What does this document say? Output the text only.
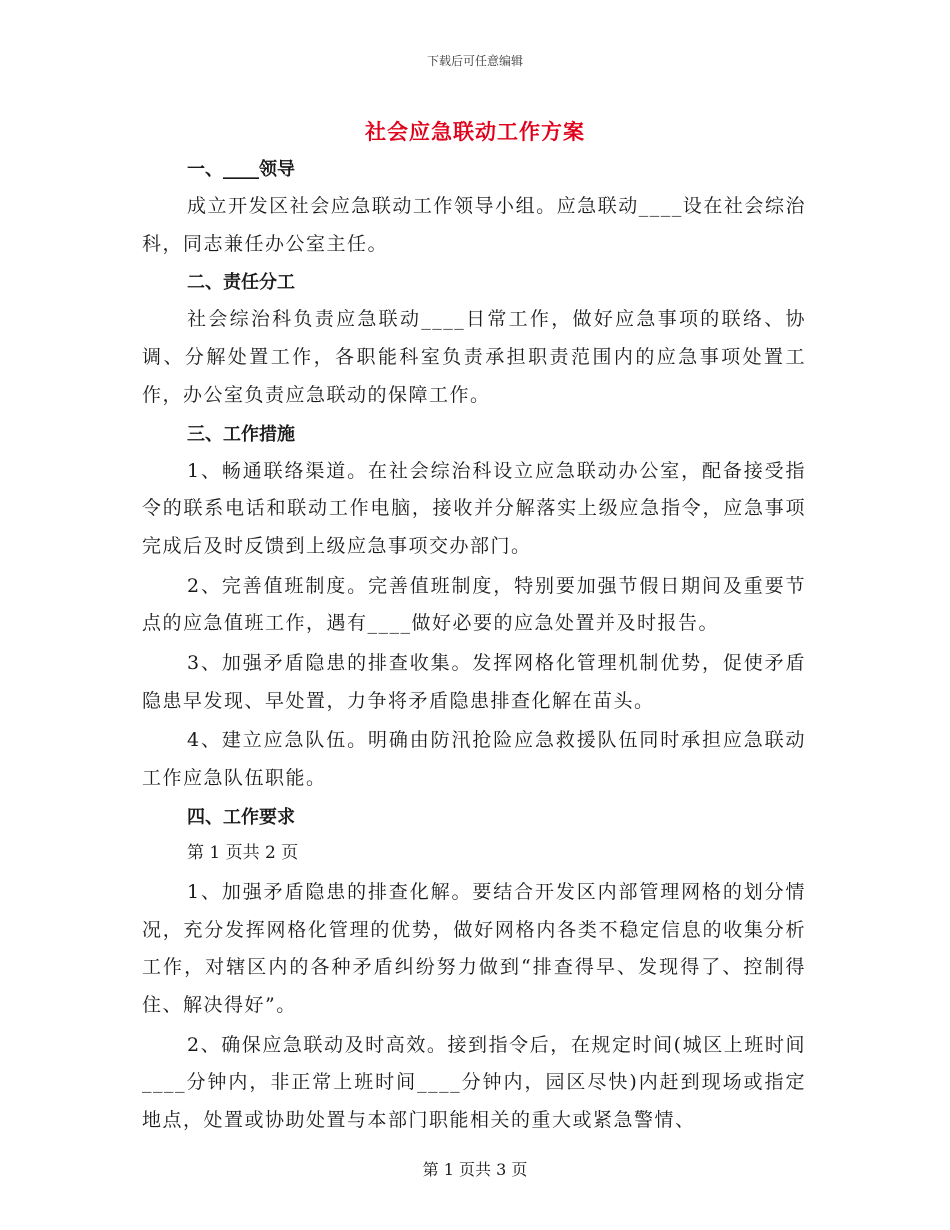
下载后可任意编辑
社会应急联动工作方案
一、____领导

成立开发区社会应急联动工作领导小组。应急联动____设在社会综治科，同志兼任办公室主任。

二、责任分工

社会综治科负责应急联动____日常工作，做好应急事项的联络、协调、分解处置工作，各职能科室负责承担职责范围内的应急事项处置工作，办公室负责应急联动的保障工作。

三、工作措施

1、畅通联络渠道。在社会综治科设立应急联动办公室，配备接受指令的联系电话和联动工作电脑，接收并分解落实上级应急指令，应急事项完成后及时反馈到上级应急事项交办部门。

2、完善值班制度。完善值班制度，特别要加强节假日期间及重要节点的应急值班工作，遇有____做好必要的应急处置并及时报告。

3、加强矛盾隐患的排查收集。发挥网格化管理机制优势，促使矛盾隐患早发现、早处置，力争将矛盾隐患排查化解在苗头。

4、建立应急队伍。明确由防汛抢险应急救援队伍同时承担应急联动工作应急队伍职能。

四、工作要求
第 1 页共 2 页

1、加强矛盾隐患的排查化解。要结合开发区内部管理网格的划分情况，充分发挥网格化管理的优势，做好网格内各类不稳定信息的收集分析工作，对辖区内的各种矛盾纠纷努力做到“排查得早、发现得了、控制得住、解决得好”。

2、确保应急联动及时高效。接到指令后，在规定时间(城区上班时间____分钟内，非正常上班时间____分钟内，园区尽快)内赶到现场或指定地点，处置或协助处置与本部门职能相关的重大或紧急警情、

第 1 页共 3 页
